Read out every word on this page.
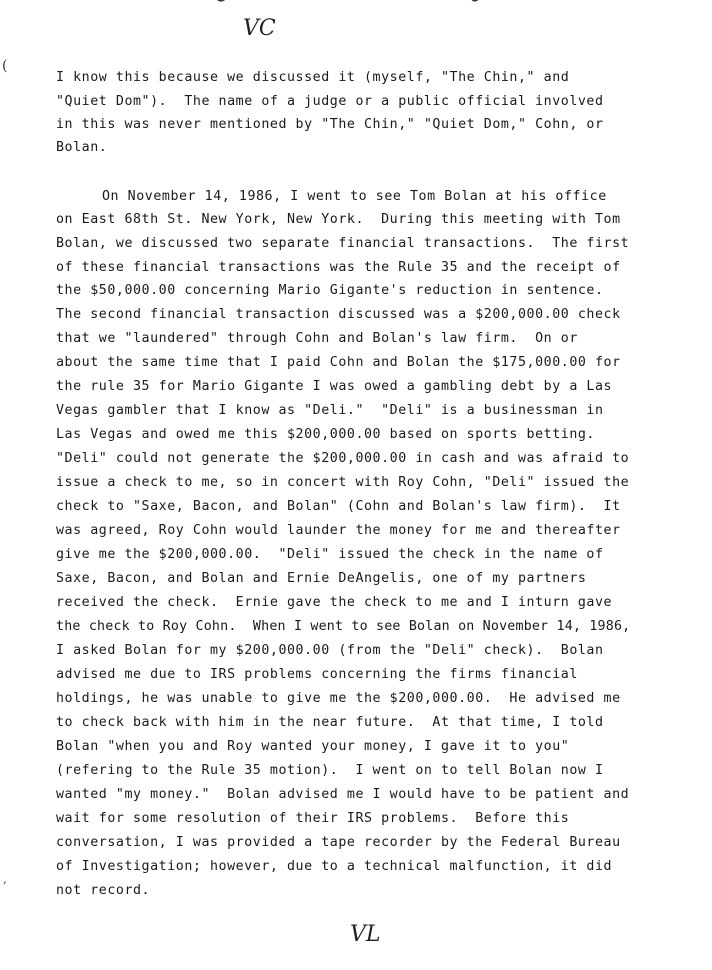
VC
(
,
I know this because we discussed it (myself, "The Chin," and
"Quiet Dom").  The name of a judge or a public official involved
in this was never mentioned by "The Chin," "Quiet Dom," Cohn, or
Bolan.
On November 14, 1986, I went to see Tom Bolan at his office
on East 68th St. New York, New York.  During this meeting with Tom
Bolan, we discussed two separate financial transactions.  The first
of these financial transactions was the Rule 35 and the receipt of
the $50,000.00 concerning Mario Gigante's reduction in sentence.
The second financial transaction discussed was a $200,000.00 check
that we "laundered" through Cohn and Bolan's law firm.  On or
about the same time that I paid Cohn and Bolan the $175,000.00 for
the rule 35 for Mario Gigante I was owed a gambling debt by a Las
Vegas gambler that I know as "Deli."  "Deli" is a businessman in
Las Vegas and owed me this $200,000.00 based on sports betting.
"Deli" could not generate the $200,000.00 in cash and was afraid to
issue a check to me, so in concert with Roy Cohn, "Deli" issued the
check to "Saxe, Bacon, and Bolan" (Cohn and Bolan's law firm).  It
was agreed, Roy Cohn would launder the money for me and thereafter
give me the $200,000.00.  "Deli" issued the check in the name of
Saxe, Bacon, and Bolan and Ernie DeAngelis, one of my partners
received the check.  Ernie gave the check to me and I inturn gave
the check to Roy Cohn.  When I went to see Bolan on November 14, 1986,
I asked Bolan for my $200,000.00 (from the "Deli" check).  Bolan
advised me due to IRS problems concerning the firms financial
holdings, he was unable to give me the $200,000.00.  He advised me
to check back with him in the near future.  At that time, I told
Bolan "when you and Roy wanted your money, I gave it to you"
(refering to the Rule 35 motion).  I went on to tell Bolan now I
wanted "my money."  Bolan advised me I would have to be patient and
wait for some resolution of their IRS problems.  Before this
conversation, I was provided a tape recorder by the Federal Bureau
of Investigation; however, due to a technical malfunction, it did
not record.
VL
